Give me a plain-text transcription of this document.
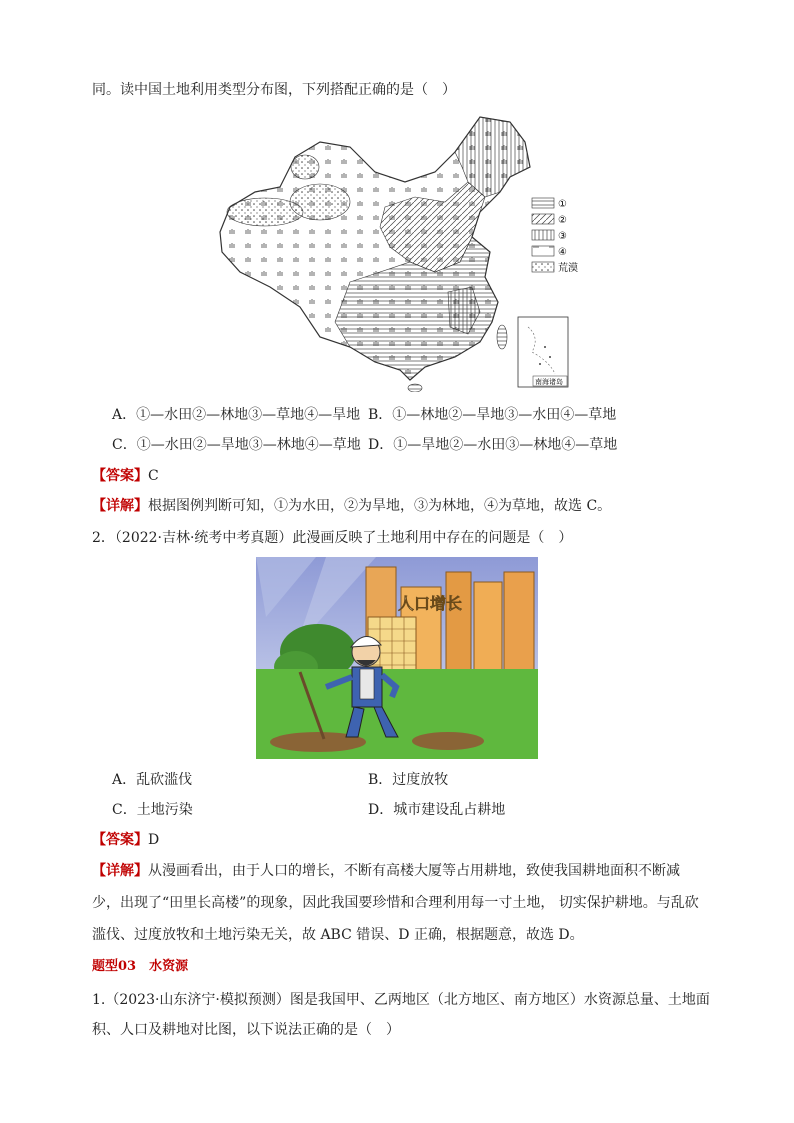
同。读中国土地利用类型分布图，下列搭配正确的是（　）
①
②
③
④
荒漠
南海诸岛
A．①—水田②—林地③—草地④—旱地 B．①—林地②—旱地③—水田④—草地
C．①—水田②—旱地③—林地④—草地 D．①—旱地②—水田③—林地④—草地
【答案】C
【详解】根据图例判断可知，①为水田，②为旱地，③为林地，④为草地，故选 C。
2．（2022·吉林·统考中考真题）此漫画反映了土地利用中存在的问题是（　）
人口增长
A．乱砍滥伐	B．过度放牧
C．土地污染	D．城市建设乱占耕地
【答案】D
【详解】从漫画看出，由于人口的增长，不断有高楼大厦等占用耕地，致使我国耕地面积不断减
少，出现了“田里长高楼”的现象，因此我国要珍惜和合理利用每一寸土地， 切实保护耕地。与乱砍
滥伐、过度放牧和土地污染无关，故 ABC 错误、D 正确，根据题意，故选 D。
题型03　水资源
1.（2023·山东济宁·模拟预测）图是我国甲、乙两地区（北方地区、南方地区）水资源总量、土地面
积、人口及耕地对比图，以下说法正确的是（　）
